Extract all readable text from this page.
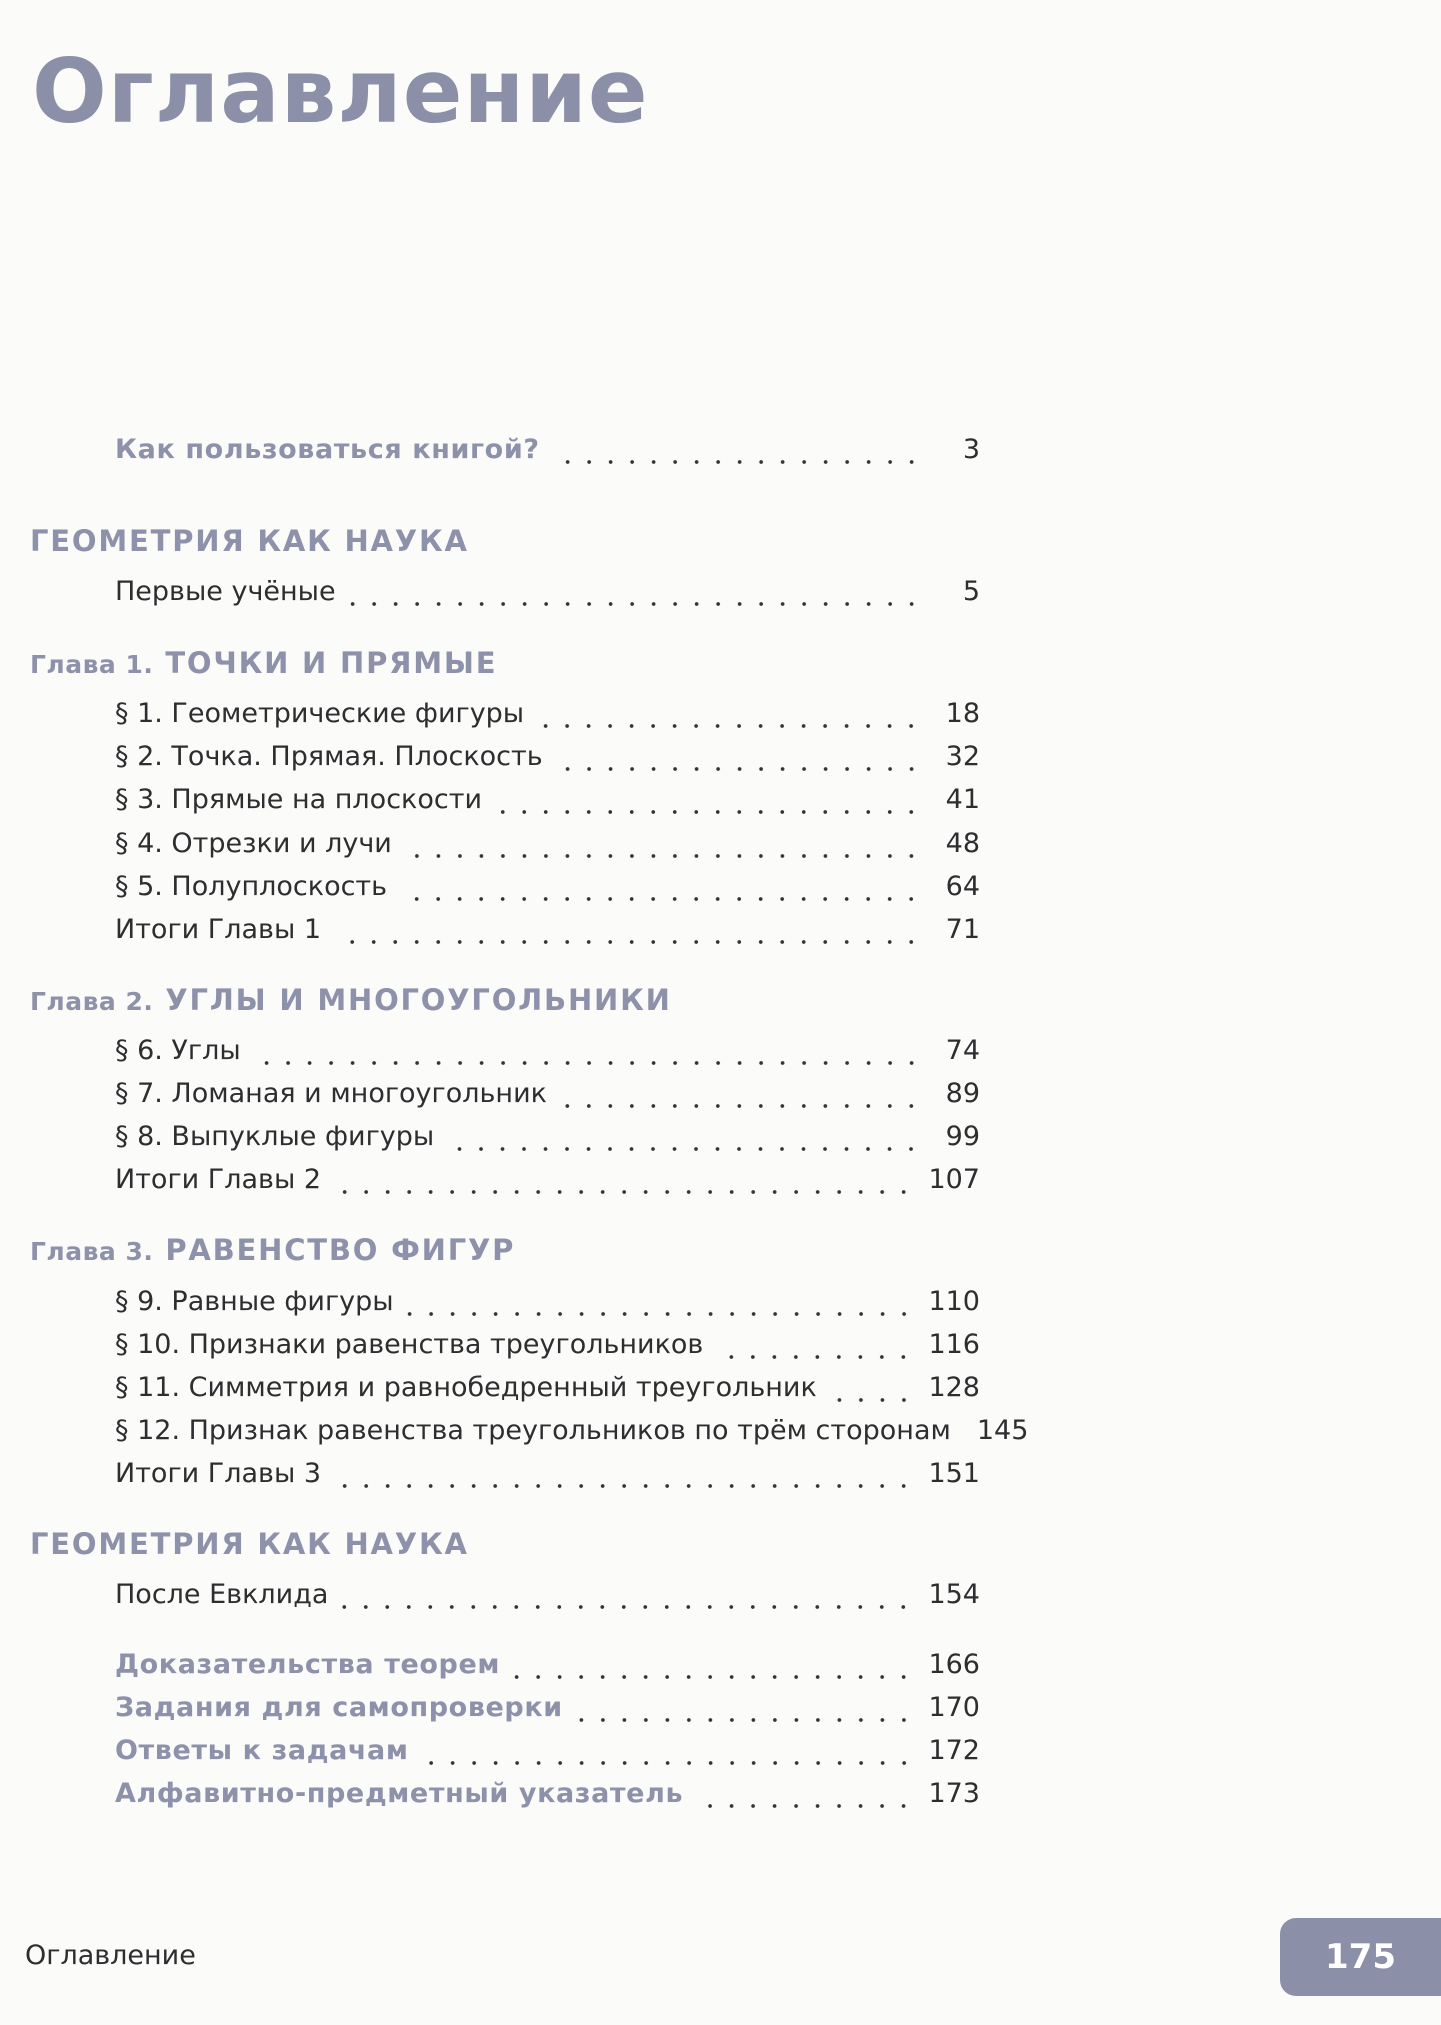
Оглавление
Как пользоваться книгой?	3
ГЕОМЕТРИЯ КАК НАУКА
Первые учёные	5
Глава 1. ТОЧКИ И ПРЯМЫЕ
§ 1. Геометрические фигуры	18
§ 2. Точка. Прямая. Плоскость	32
§ 3. Прямые на плоскости	41
§ 4. Отрезки и лучи	48
§ 5. Полуплоскость	64
Итоги Главы 1	71
Глава 2. УГЛЫ И МНОГОУГОЛЬНИКИ
§ 6. Углы	74
§ 7. Ломаная и многоугольник	89
§ 8. Выпуклые фигуры	99
Итоги Главы 2	107
Глава 3. РАВЕНСТВО ФИГУР
§ 9. Равные фигуры	110
§ 10. Признаки равенства треугольников	116
§ 11. Симметрия и равнобедренный треугольник	128
§ 12. Признак равенства треугольников по трём сторонам 145
Итоги Главы 3	151
ГЕОМЕТРИЯ КАК НАУКА
После Евклида	154
Доказательства теорем	166
Задания для самопроверки	170
Ответы к задачам	172
Алфавитно-предметный указатель	173
Оглавление	175
